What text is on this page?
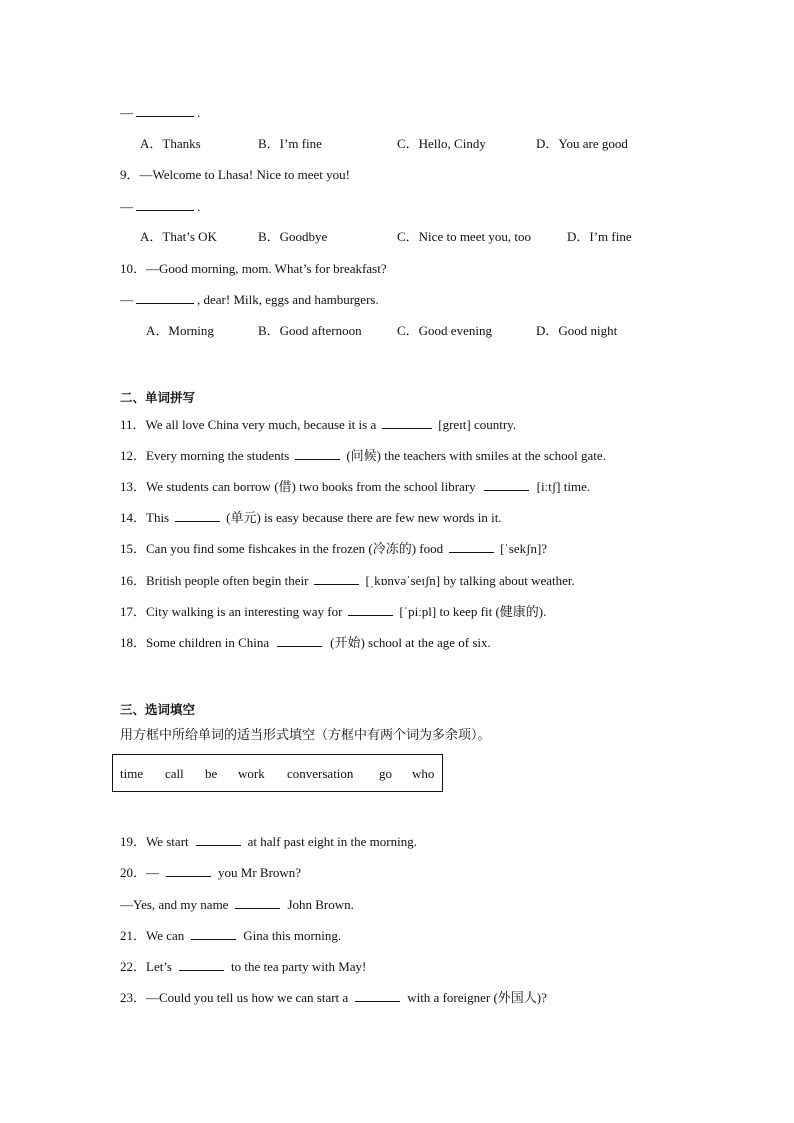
—	.
A．Thanks	B．I’m fine	C．Hello, Cindy	D．You are good
9．—Welcome to Lhasa! Nice to meet you!
—	.
A．That’s OK	B．Goodbye	C．Nice to meet you, too	D．I’m fine
10．—Good morning, mom. What’s for breakfast?
—	, dear! Milk, eggs and hamburgers.
A．Morning	B．Good afternoon	C．Good evening	D．Good night
二、单词拼写
11．We all love China very much, because it is a	[greɪt] country.
12．Every morning the students	(问候) the teachers with smiles at the school gate.
13．We students can borrow (借) two books from the school library	[iːtʃ] time.
14．This	(单元) is easy because there are few new words in it.
15．Can you find some fishcakes in the frozen (冷冻的) food	[ˈsekʃn]?
16．British people often begin their	[ˌkɒnvəˈseɪʃn] by talking about weather.
17．City walking is an interesting way for	[ˈpiːpl] to keep fit (健康的).
18．Some children in China	(开始) school at the age of six.
三、选词填空
用方框中所给单词的适当形式填空（方框中有两个词为多余项）。
time call be work conversation go who
19．We start	at half past eight in the morning.
20．—	you Mr Brown?
—Yes, and my name	John Brown.
21．We can	Gina this morning.
22．Let’s	to the tea party with May!
23．—Could you tell us how we can start a	with a foreigner (外国人)?
